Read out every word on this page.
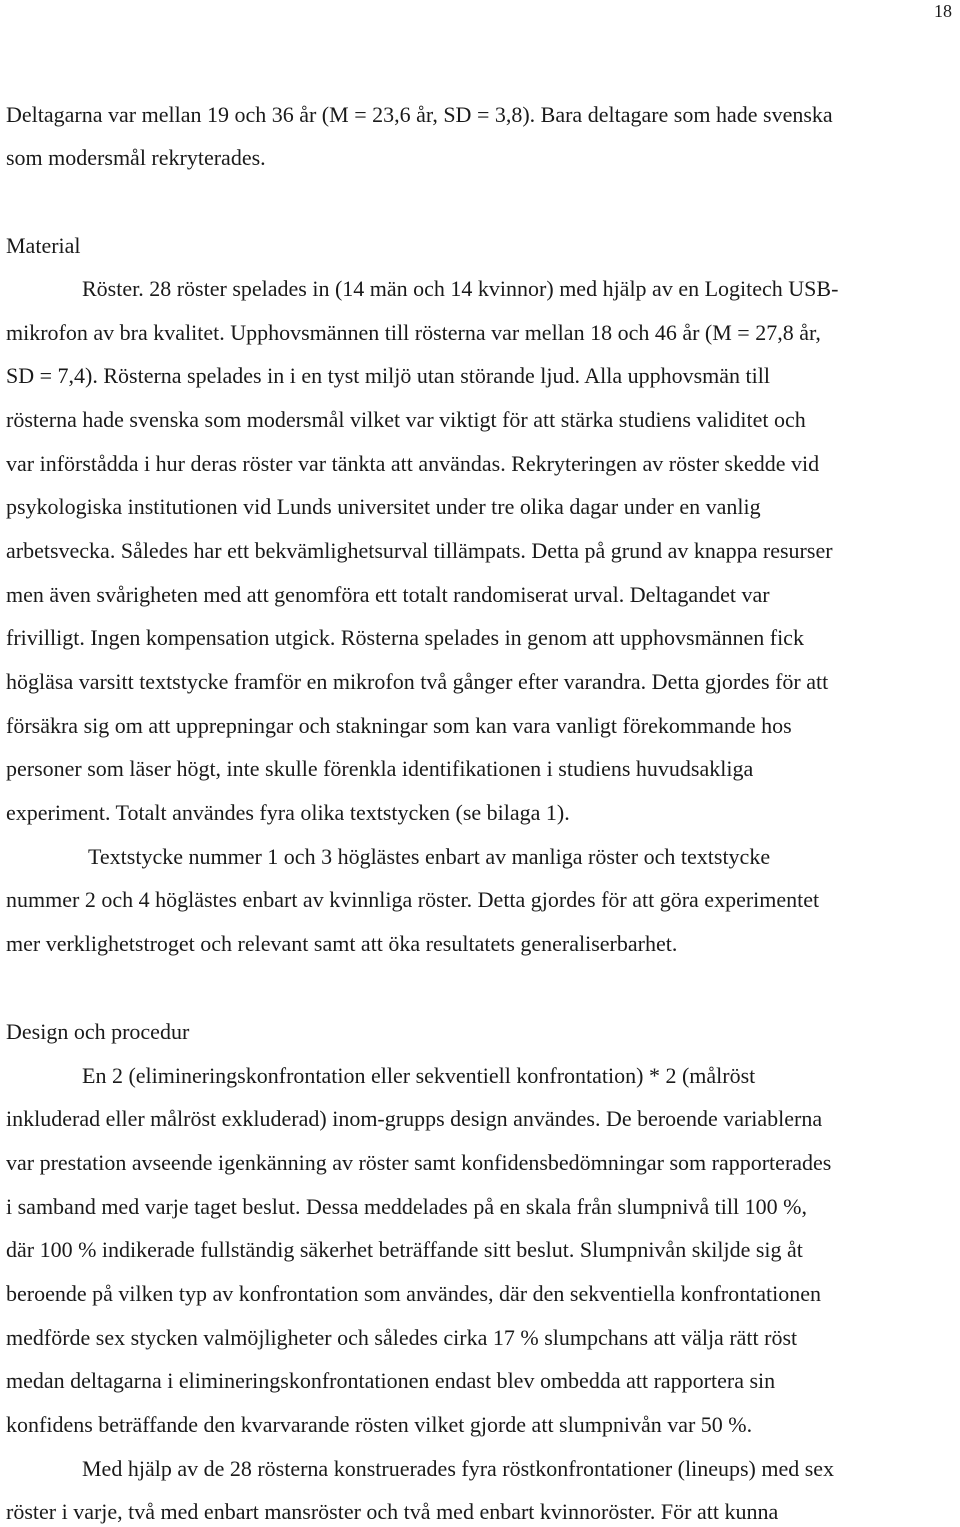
18
Deltagarna var mellan 19 och 36 år (M = 23,6 år, SD = 3,8). Bara deltagare som hade svenska
som modersmål rekryterades.
Material
Röster. 28 röster spelades in (14 män och 14 kvinnor) med hjälp av en Logitech USB-
mikrofon av bra kvalitet. Upphovsmännen till rösterna var mellan 18 och 46 år (M = 27,8 år,
SD = 7,4). Rösterna spelades in i en tyst miljö utan störande ljud. Alla upphovsmän till
rösterna hade svenska som modersmål vilket var viktigt för att stärka studiens validitet och
var införstådda i hur deras röster var tänkta att användas. Rekryteringen av röster skedde vid
psykologiska institutionen vid Lunds universitet under tre olika dagar under en vanlig
arbetsvecka. Således har ett bekvämlighetsurval tillämpats. Detta på grund av knappa resurser
men även svårigheten med att genomföra ett totalt randomiserat urval. Deltagandet var
frivilligt. Ingen kompensation utgick. Rösterna spelades in genom att upphovsmännen fick
högläsa varsitt textstycke framför en mikrofon två gånger efter varandra. Detta gjordes för att
försäkra sig om att upprepningar och stakningar som kan vara vanligt förekommande hos
personer som läser högt, inte skulle förenkla identifikationen i studiens huvudsakliga
experiment. Totalt användes fyra olika textstycken (se bilaga 1).
Textstycke nummer 1 och 3 höglästes enbart av manliga röster och textstycke
nummer 2 och 4 höglästes enbart av kvinnliga röster. Detta gjordes för att göra experimentet
mer verklighetstroget och relevant samt att öka resultatets generaliserbarhet.
Design och procedur
En 2 (elimineringskonfrontation eller sekventiell konfrontation) * 2 (målröst
inkluderad eller målröst exkluderad) inom-grupps design användes. De beroende variablerna
var prestation avseende igenkänning av röster samt konfidensbedömningar som rapporterades
i samband med varje taget beslut. Dessa meddelades på en skala från slumpnivå till 100 %,
där 100 % indikerade fullständig säkerhet beträffande sitt beslut. Slumpnivån skiljde sig åt
beroende på vilken typ av konfrontation som användes, där den sekventiella konfrontationen
medförde sex stycken valmöjligheter och således cirka 17 % slumpchans att välja rätt röst
medan deltagarna i elimineringskonfrontationen endast blev ombedda att rapportera sin
konfidens beträffande den kvarvarande rösten vilket gjorde att slumpnivån var 50 %.
Med hjälp av de 28 rösterna konstruerades fyra röstkonfrontationer (lineups) med sex
röster i varje, två med enbart mansröster och två med enbart kvinnoröster. För att kunna
